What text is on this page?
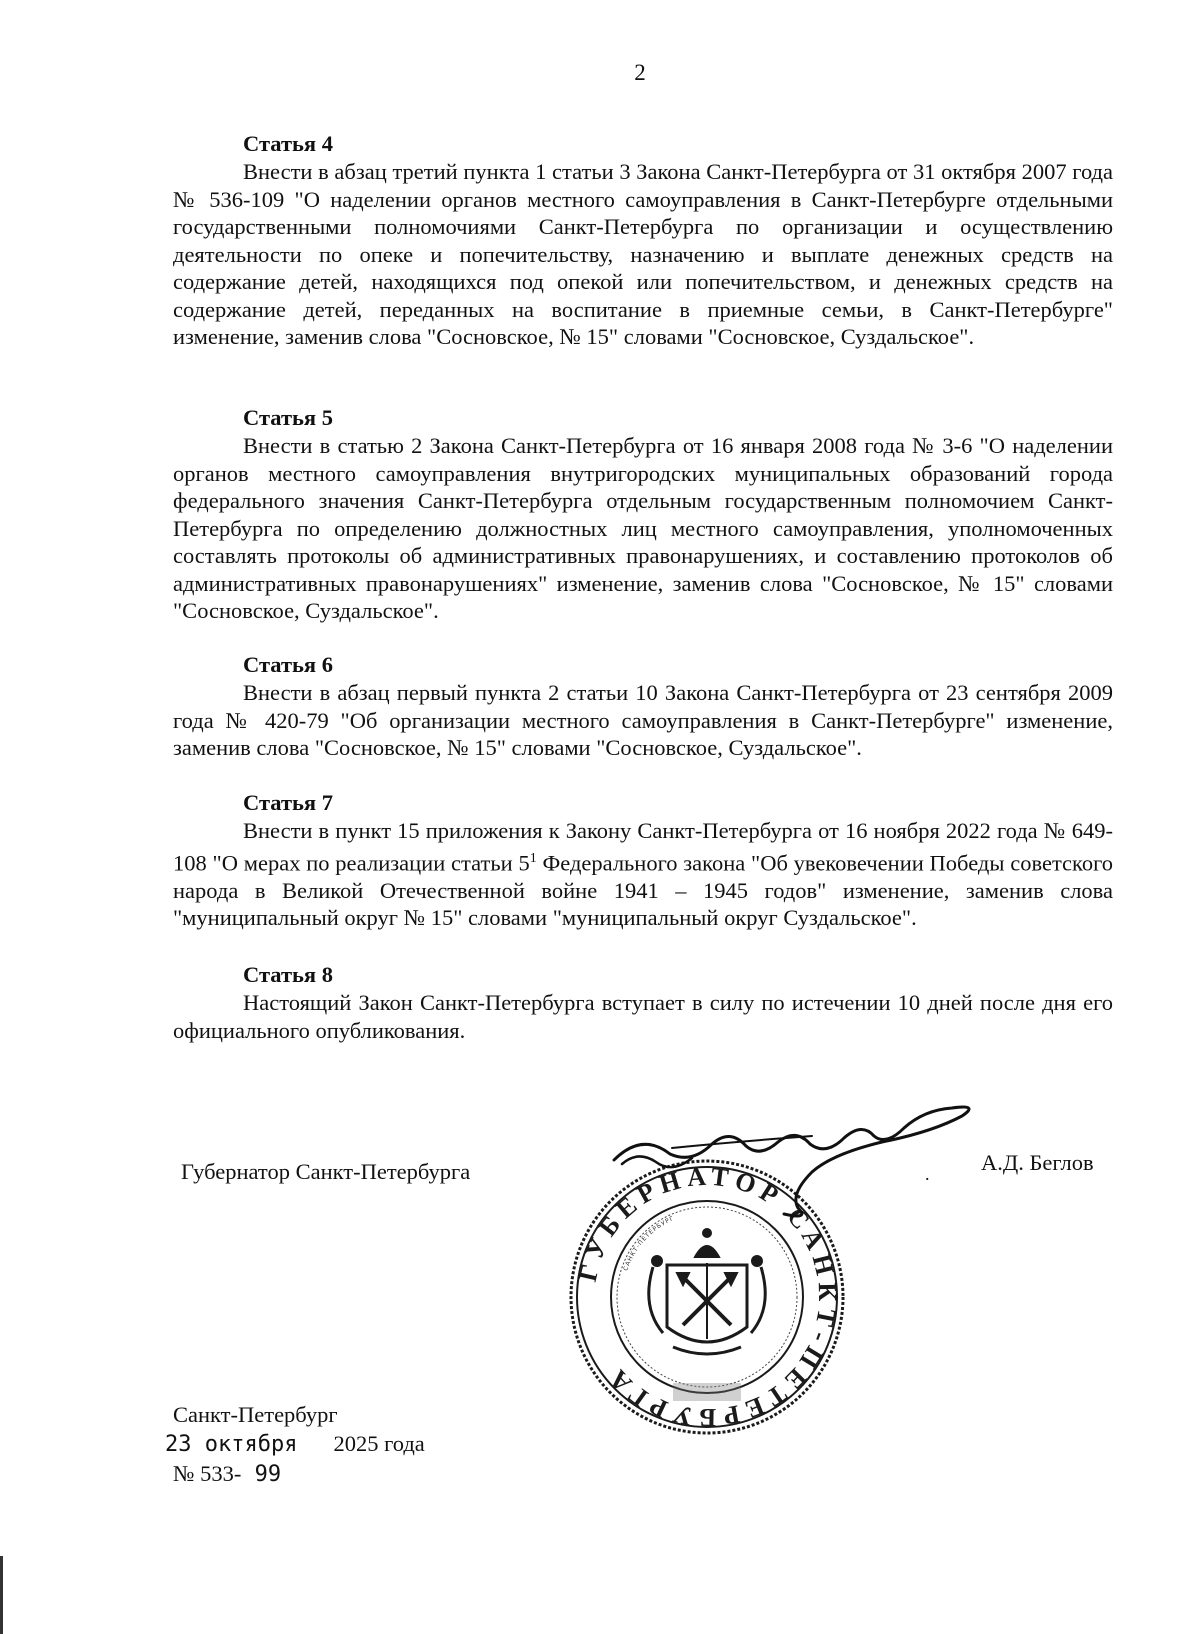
2
Статья 4
Внести в абзац третий пункта 1 статьи 3 Закона Санкт-Петербурга от 31 октября 2007 года № 536-109 "О наделении органов местного самоуправления в Санкт-Петербурге отдельными государственными полномочиями Санкт-Петербурга по организации и осуществлению деятельности по опеке и попечительству, назначению и выплате денежных средств на содержание детей, находящихся под опекой или попечительством, и денежных средств на содержание детей, переданных на воспитание в приемные семьи, в Санкт-Петербурге" изменение, заменив слова "Сосновское, № 15" словами "Сосновское, Суздальское".
Статья 5
Внести в статью 2 Закона Санкт-Петербурга от 16 января 2008 года № 3-6 "О наделении органов местного самоуправления внутригородских муниципальных образований города федерального значения Санкт-Петербурга отдельным государственным полномочием Санкт-Петербурга по определению должностных лиц местного самоуправления, уполномоченных составлять протоколы об административных правонарушениях, и составлению протоколов об административных правонарушениях" изменение, заменив слова "Сосновское, № 15" словами "Сосновское, Суздальское".
Статья 6
Внести в абзац первый пункта 2 статьи 10 Закона Санкт-Петербурга от 23 сентября 2009 года № 420-79 "Об организации местного самоуправления в Санкт-Петербурге" изменение, заменив слова "Сосновское, № 15" словами "Сосновское, Суздальское".
Статья 7
Внести в пункт 15 приложения к Закону Санкт-Петербурга от 16 ноября 2022 года № 649-108 "О мерах по реализации статьи $5^1$ Федерального закона "Об увековечении Победы советского народа в Великой Отечественной войне 1941 – 1945 годов" изменение, заменив слова "муниципальный округ № 15" словами "муниципальный округ Суздальское".
Статья 8
Настоящий Закон Санкт-Петербурга вступает в силу по истечении 10 дней после дня его официального опубликования.
Губернатор Санкт-Петербурга	. А.Д. Беглов
ГУБЕРНАТОР САНКТ-ПЕТЕРБУРГА
САНКТ-ПЕТЕРБУРГ
Санкт-Петербург
23 октября 2025 года
№ 533- 99
